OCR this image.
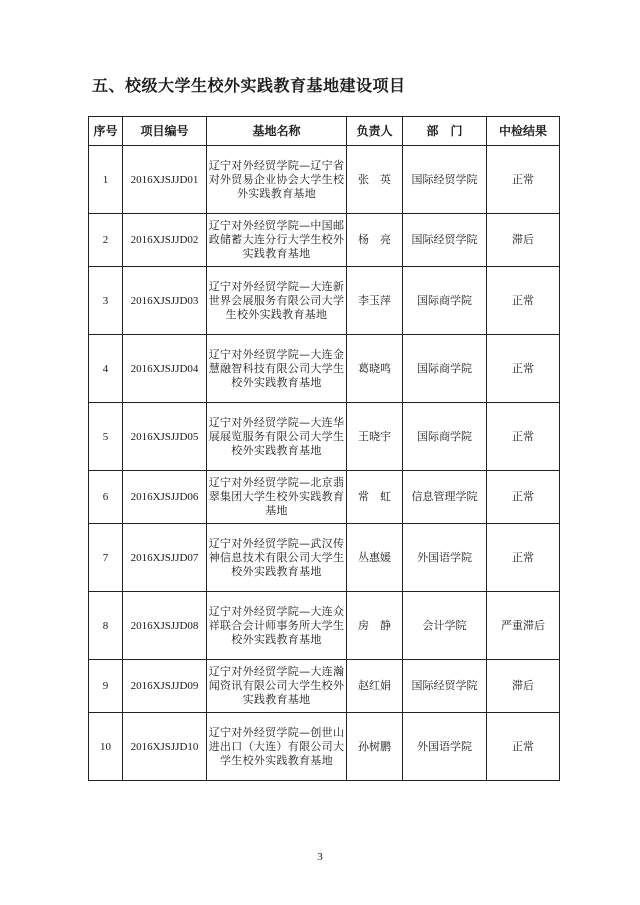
五、校级大学生校外实践教育基地建设项目
序号	项目编号	基地名称	负责人	部　门	中检结果
1	2016XJSJJD01	辽宁对外经贸学院—辽宁省对外贸易企业协会大学生校外实践教育基地	张　英	国际经贸学院	正常
2	2016XJSJJD02	辽宁对外经贸学院—中国邮政储蓄大连分行大学生校外实践教育基地	杨　亮	国际经贸学院	滞后
3	2016XJSJJD03	辽宁对外经贸学院—大连新世界会展服务有限公司大学生校外实践教育基地	李玉萍	国际商学院	正常
4	2016XJSJJD04	辽宁对外经贸学院—大连金慧融智科技有限公司大学生校外实践教育基地	葛晓鸣	国际商学院	正常
5	2016XJSJJD05	辽宁对外经贸学院—大连华展展览服务有限公司大学生校外实践教育基地	王晓宇	国际商学院	正常
6	2016XJSJJD06	辽宁对外经贸学院—北京翡翠集团大学生校外实践教育基地	常　虹	信息管理学院	正常
7	2016XJSJJD07	辽宁对外经贸学院—武汉传神信息技术有限公司大学生校外实践教育基地	丛惠媛	外国语学院	正常
8	2016XJSJJD08	辽宁对外经贸学院—大连众祥联合会计师事务所大学生校外实践教育基地	房　静	会计学院	严重滞后
9	2016XJSJJD09	辽宁对外经贸学院—大连瀚闻资讯有限公司大学生校外实践教育基地	赵红娟	国际经贸学院	滞后
10	2016XJSJJD10	辽宁对外经贸学院—创世山进出口（大连）有限公司大学生校外实践教育基地	孙树鹏	外国语学院	正常
3
